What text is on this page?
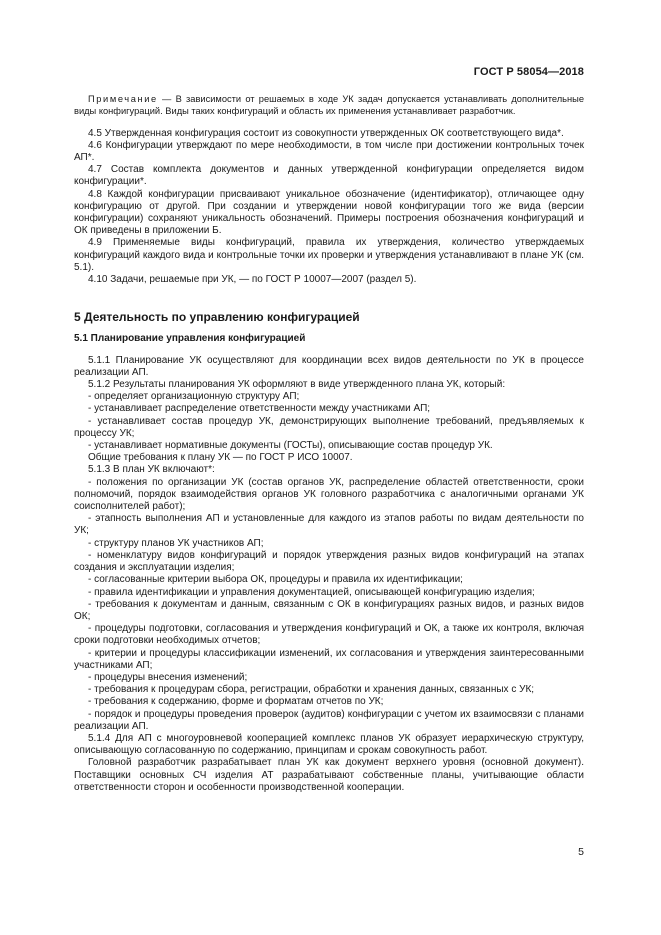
ГОСТ Р 58054—2018

Примечание — В зависимости от решаемых в ходе УК задач допускается устанавливать дополнительные виды конфигураций. Виды таких конфигураций и область их применения устанавливает разработчик.

4.5 Утвержденная конфигурация состоит из совокупности утвержденных ОК соответствующего вида*.

4.6 Конфигурации утверждают по мере необходимости, в том числе при достижении контрольных точек АП*.

4.7 Состав комплекта документов и данных утвержденной конфигурации определяется видом конфигурации*.

4.8 Каждой конфигурации присваивают уникальное обозначение (идентификатор), отличающее одну конфигурацию от другой. При создании и утверждении новой конфигурации того же вида (версии конфигурации) сохраняют уникальность обозначений. Примеры построения обозначения конфигураций и ОК приведены в приложении Б.

4.9 Применяемые виды конфигураций, правила их утверждения, количество утверждаемых конфигураций каждого вида и контрольные точки их проверки и утверждения устанавливают в плане УК (см. 5.1).

4.10 Задачи, решаемые при УК, — по ГОСТ Р 10007—2007 (раздел 5).

5 Деятельность по управлению конфигурацией

5.1 Планирование управления конфигурацией

5.1.1 Планирование УК осуществляют для координации всех видов деятельности по УК в процессе реализации АП.

5.1.2 Результаты планирования УК оформляют в виде утвержденного плана УК, который:

- определяет организационную структуру АП;

- устанавливает распределение ответственности между участниками АП;

- устанавливает состав процедур УК, демонстрирующих выполнение требований, предъявляемых к процессу УК;

- устанавливает нормативные документы (ГОСТы), описывающие состав процедур УК.

Общие требования к плану УК — по ГОСТ Р ИСО 10007.

5.1.3 В план УК включают*:

- положения по организации УК (состав органов УК, распределение областей ответственности, сроки полномочий, порядок взаимодействия органов УК головного разработчика с аналогичными органами УК соисполнителей работ);

- этапность выполнения АП и установленные для каждого из этапов работы по видам деятельности по УК;

- структуру планов УК участников АП;

- номенклатуру видов конфигураций и порядок утверждения разных видов конфигураций на этапах создания и эксплуатации изделия;

- согласованные критерии выбора ОК, процедуры и правила их идентификации;

- правила идентификации и управления документацией, описывающей конфигурацию изделия;

- требования к документам и данным, связанным с ОК в конфигурациях разных видов, и разных видов ОК;

- процедуры подготовки, согласования и утверждения конфигураций и ОК, а также их контроля, включая сроки подготовки необходимых отчетов;

- критерии и процедуры классификации изменений, их согласования и утверждения заинтересованными участниками АП;

- процедуры внесения изменений;

- требования к процедурам сбора, регистрации, обработки и хранения данных, связанных с УК;

- требования к содержанию, форме и форматам отчетов по УК;

- порядок и процедуры проведения проверок (аудитов) конфигурации с учетом их взаимосвязи с планами реализации АП.

5.1.4 Для АП с многоуровневой кооперацией комплекс планов УК образует иерархическую структуру, описывающую согласованную по содержанию, принципам и срокам совокупность работ.

Головной разработчик разрабатывает план УК как документ верхнего уровня (основной документ). Поставщики основных СЧ изделия АТ разрабатывают собственные планы, учитывающие области ответственности сторон и особенности производственной кооперации.

5
